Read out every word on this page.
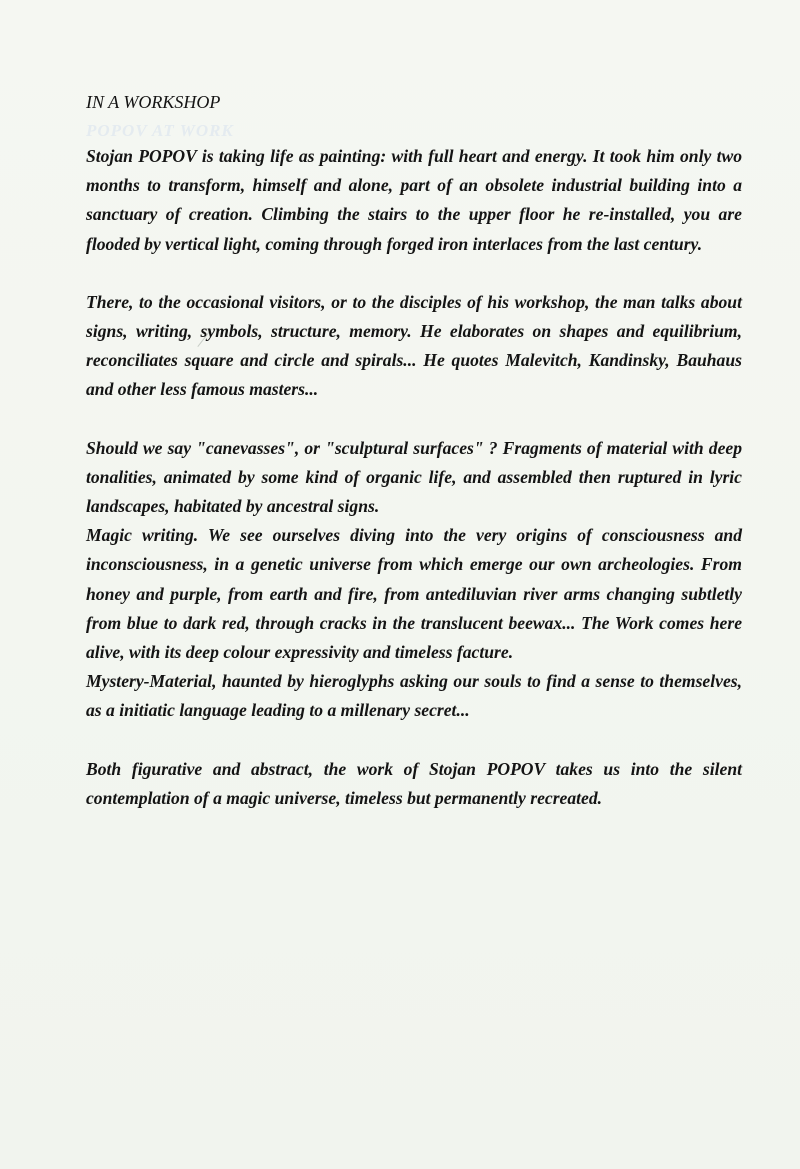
POPOV AT WORK
IN A WORKSHOP

Stojan POPOV is taking life as painting: with full heart and energy. It took him only two months to transform, himself and alone, part of an obsolete industrial building into a sanctuary of creation. Climbing the stairs to the upper floor he re-installed, you are flooded by vertical light, coming through forged iron interlaces from the last century.

There, to the occasional visitors, or to the disciples of his workshop, the man talks about signs, writing, symbols, structure, memory. He elaborates on shapes and equilibrium, reconciliates square and circle and spirals... He quotes Malevitch, Kandinsky, Bauhaus and other less famous masters...

Should we say "canevasses", or "sculptural surfaces" ? Fragments of material with deep tonalities, animated by some kind of organic life, and assembled then ruptured in lyric landscapes, habitated by ancestral signs.

Magic writing. We see ourselves diving into the very origins of consciousness and inconsciousness, in a genetic universe from which emerge our own archeologies. From honey and purple, from earth and fire, from antediluvian river arms changing subtletly from blue to dark red, through cracks in the translucent beewax... The Work comes here alive, with its deep colour expressivity and timeless facture.

Mystery-Material, haunted by hieroglyphs asking our souls to find a sense to themselves, as a initiatic language leading to a millenary secret...

Both figurative and abstract, the work of Stojan POPOV takes us into the silent contemplation of a magic universe, timeless but permanently recreated.
